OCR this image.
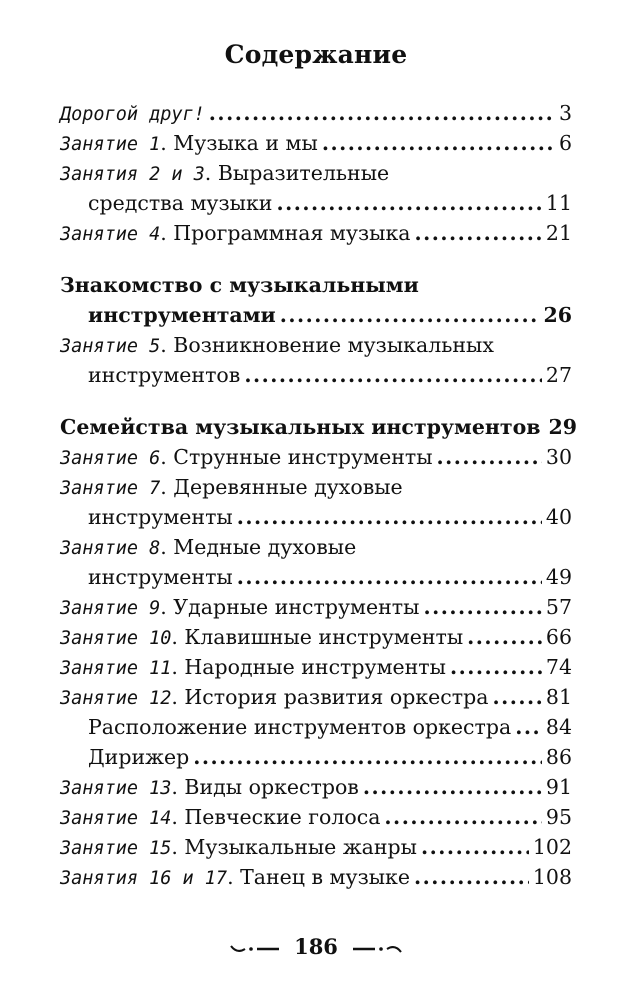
Содержание
Дорогой друг! .....	3
Занятие 1. Музыка и мы .....	6
Занятия 2 и 3. Выразительные
средства музыки .....	11
Занятие 4. Программная музыка .....	21
Знакомство с музыкальными
инструментами .....	26
Занятие 5. Возникновение музыкальных
инструментов .....	27
Семейства музыкальных инструментов 29
Занятие 6. Струнные инструменты .....	30
Занятие 7. Деревянные духовые
инструменты .....	40
Занятие 8. Медные духовые
инструменты .....	49
Занятие 9. Ударные инструменты .....	57
Занятие 10. Клавишные инструменты .....	66
Занятие 11. Народные инструменты .....	74
Занятие 12. История развития оркестра .....	81
Расположение инструментов оркестра ..... 84
Дирижер .....	86
Занятие 13. Виды оркестров .....	91
Занятие 14. Певческие голоса .....	95
Занятие 15. Музыкальные жанры .....	102
Занятия 16 и 17. Танец в музыке .....	108
186
